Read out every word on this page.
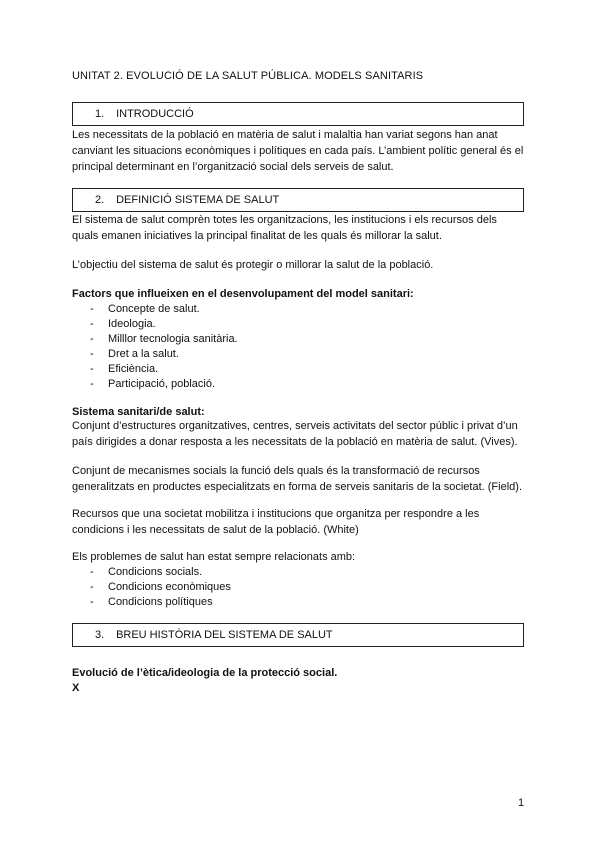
UNITAT 2. EVOLUCIÓ DE LA SALUT PÚBLICA. MODELS SANITARIS
1. INTRODUCCIÓ
Les necessitats de la població en matèria de salut i malaltia han variat segons han anat
canviant les situacions econòmiques i polítiques en cada país. L’ambient polític general és el
principal determinant en l’organització social dels serveis de salut.
2. DEFINICIÓ SISTEMA DE SALUT
El sistema de salut comprèn totes les organitzacions, les institucions i els recursos dels
quals emanen iniciatives la principal finalitat de les quals és millorar la salut.
L’objectiu del sistema de salut és protegir o millorar la salut de la població.
Factors que influeixen en el desenvolupament del model sanitari:
- Concepte de salut.
- Ideologia.
- Milllor tecnologia sanitària.
- Dret a la salut.
- Eficiència.
- Participació, població.
Sistema sanitari/de salut:
Conjunt d’estructures organitzatives, centres, serveis activitats del sector públic i privat d’un
país dirigides a donar resposta a les necessitats de la població en matèria de salut. (Vives).
Conjunt de mecanismes socials la funció dels quals és la transformació de recursos
generalitzats en productes especialitzats en forma de serveis sanitaris de la societat. (Field).
Recursos que una societat mobilitza i institucions que organitza per respondre a les
condicions i les necessitats de salut de la població. (White)
Els problemes de salut han estat sempre relacionats amb:
- Condicions socials.
- Condicions econòmiques
- Condicions polítiques
3. BREU HISTÒRIA DEL SISTEMA DE SALUT
Evolució de l’ètica/ideologia de la protecció social.
X
1
